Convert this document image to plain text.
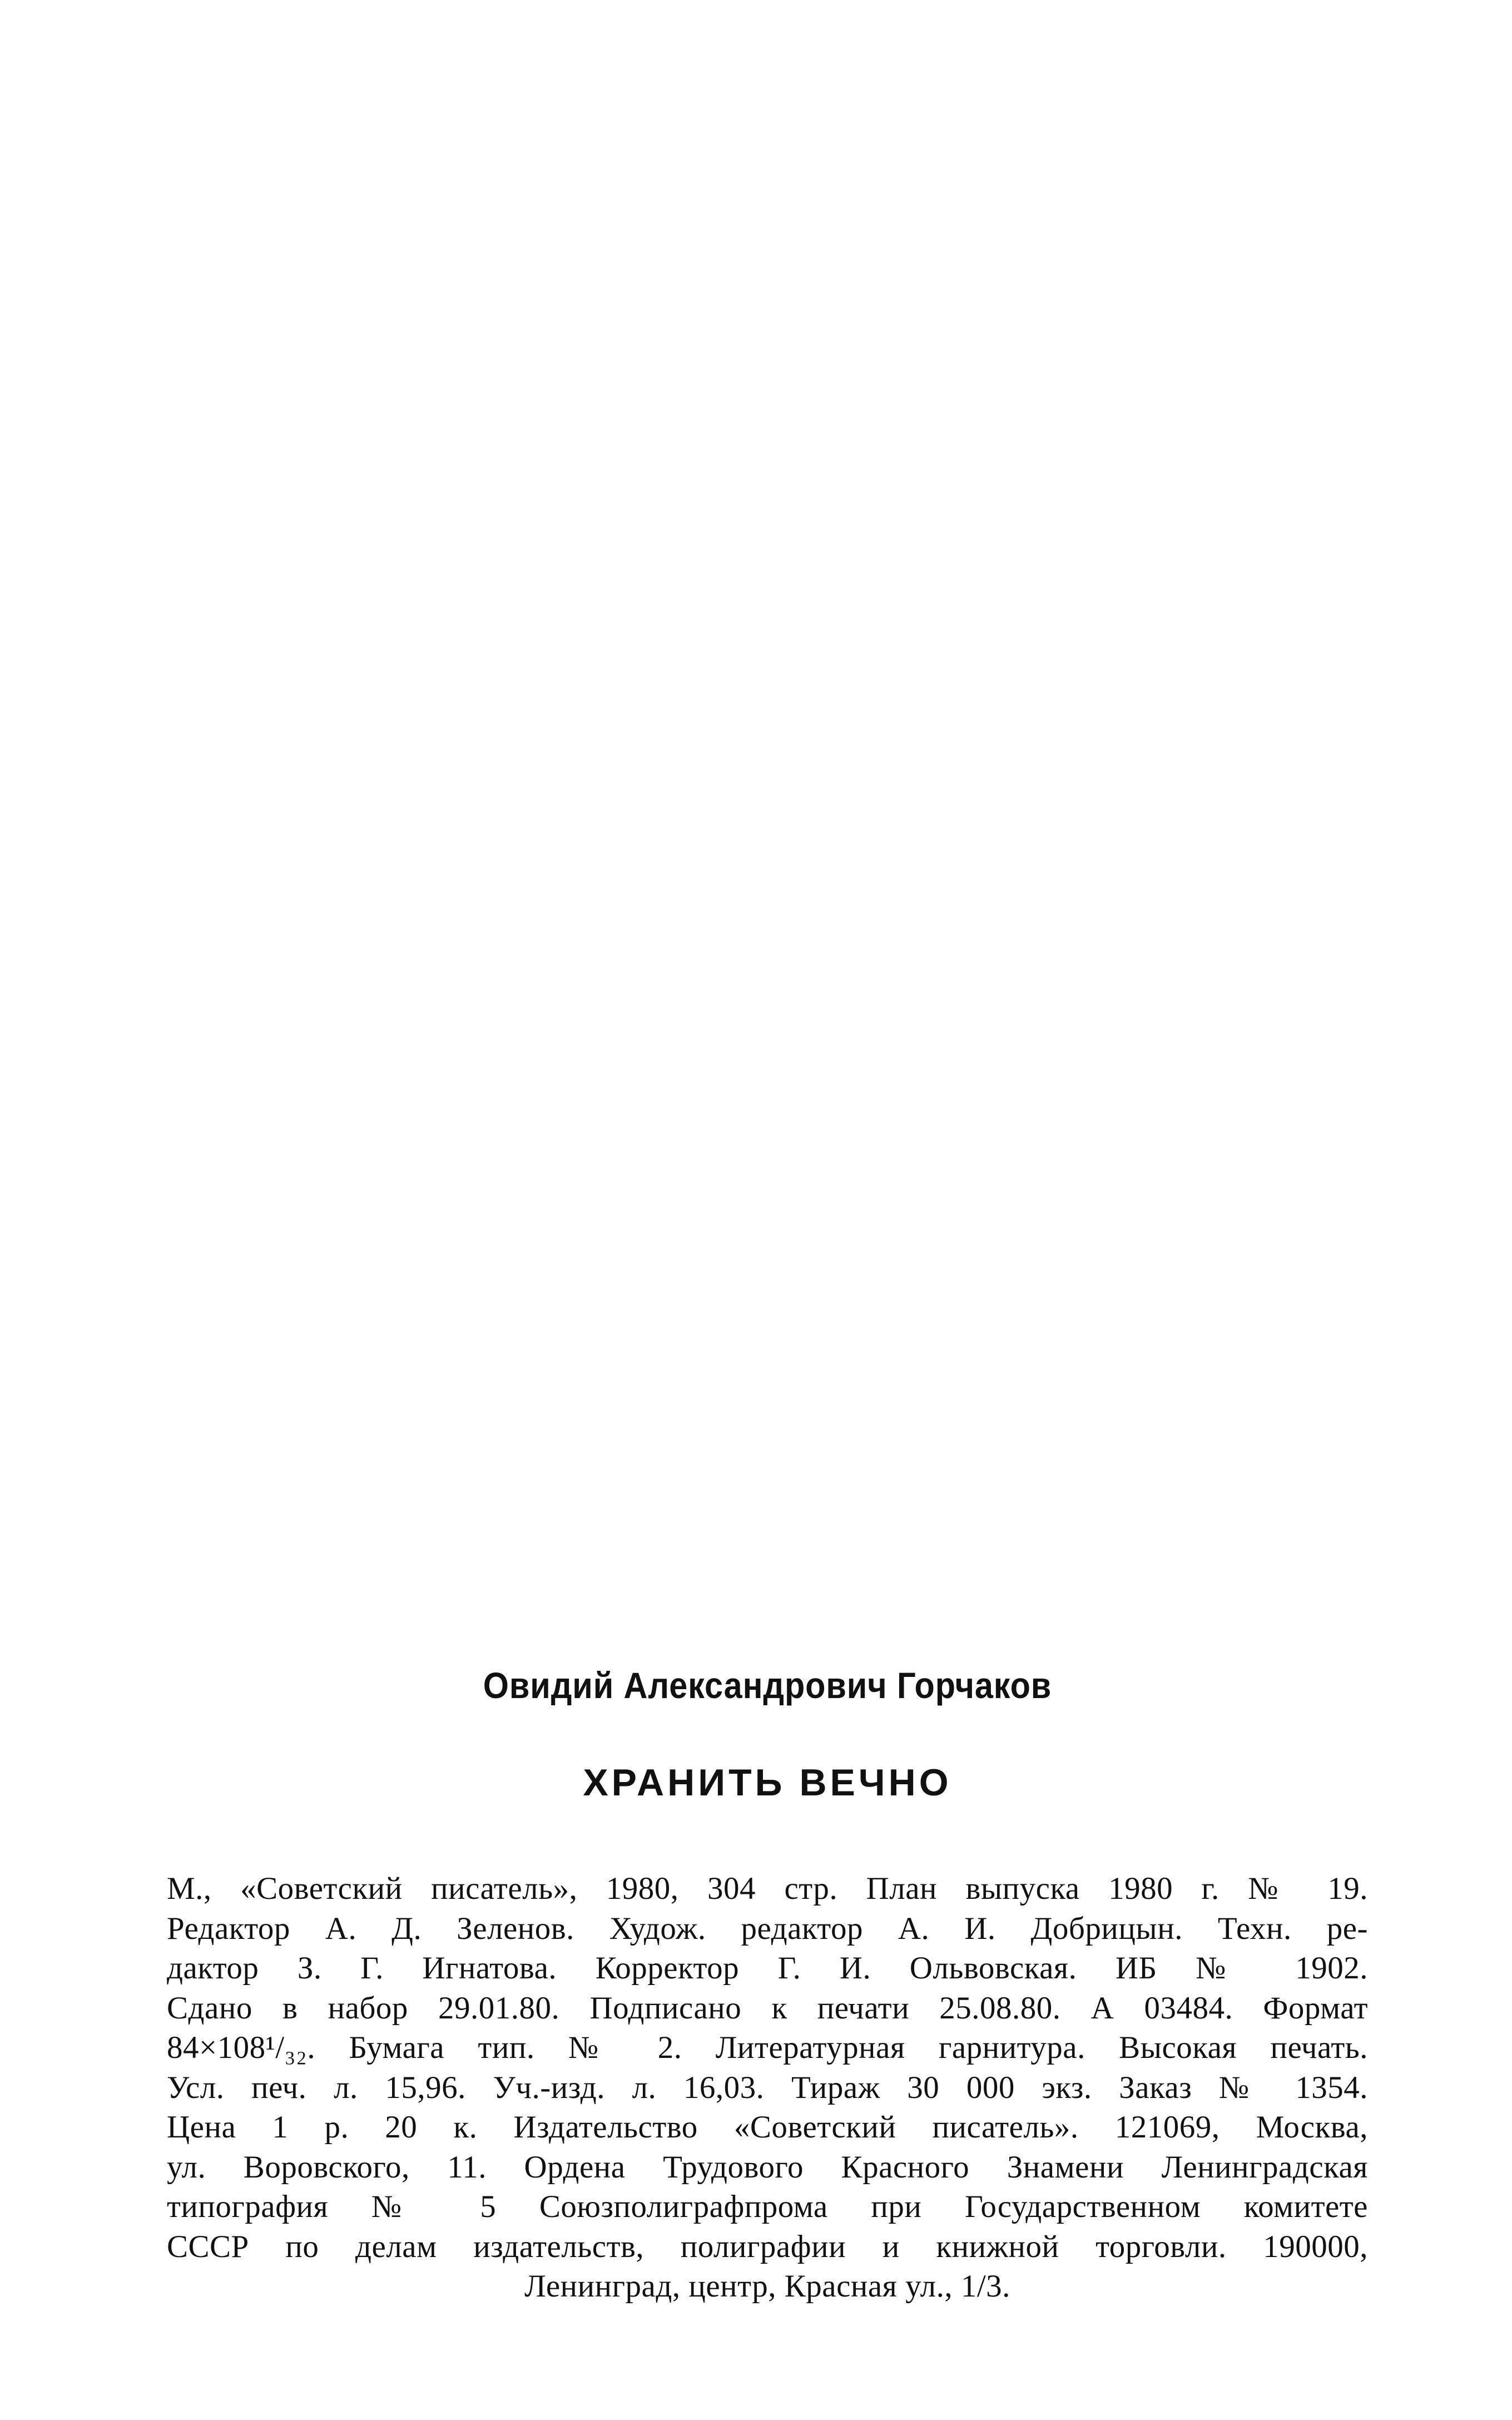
Овидий Александрович Горчаков

ХРАНИТЬ ВЕЧНО

М., «Советский писатель», 1980, 304 стр. План выпуска 1980 г. № 19.
Редактор А. Д. Зеленов. Худож. редактор А. И. Добрицын. Техн. ре-
дактор З. Г. Игнатова. Корректор Г. И. Ольвовская. ИБ № 1902.
Сдано в набор 29.01.80. Подписано к печати 25.08.80. А 03484. Формат
84×108¹/₃₂. Бумага тип. № 2. Литературная гарнитура. Высокая печать.
Усл. печ. л. 15,96. Уч.-изд. л. 16,03. Тираж 30 000 экз. Заказ № 1354.
Цена 1 р. 20 к. Издательство «Советский писатель». 121069, Москва,
ул. Воровского, 11. Ордена Трудового Красного Знамени Ленинградская
типография № 5 Союзполиграфпрома при Государственном комитете
СССР по делам издательств, полиграфии и книжной торговли. 190000,
Ленинград, центр, Красная ул., 1/3.
